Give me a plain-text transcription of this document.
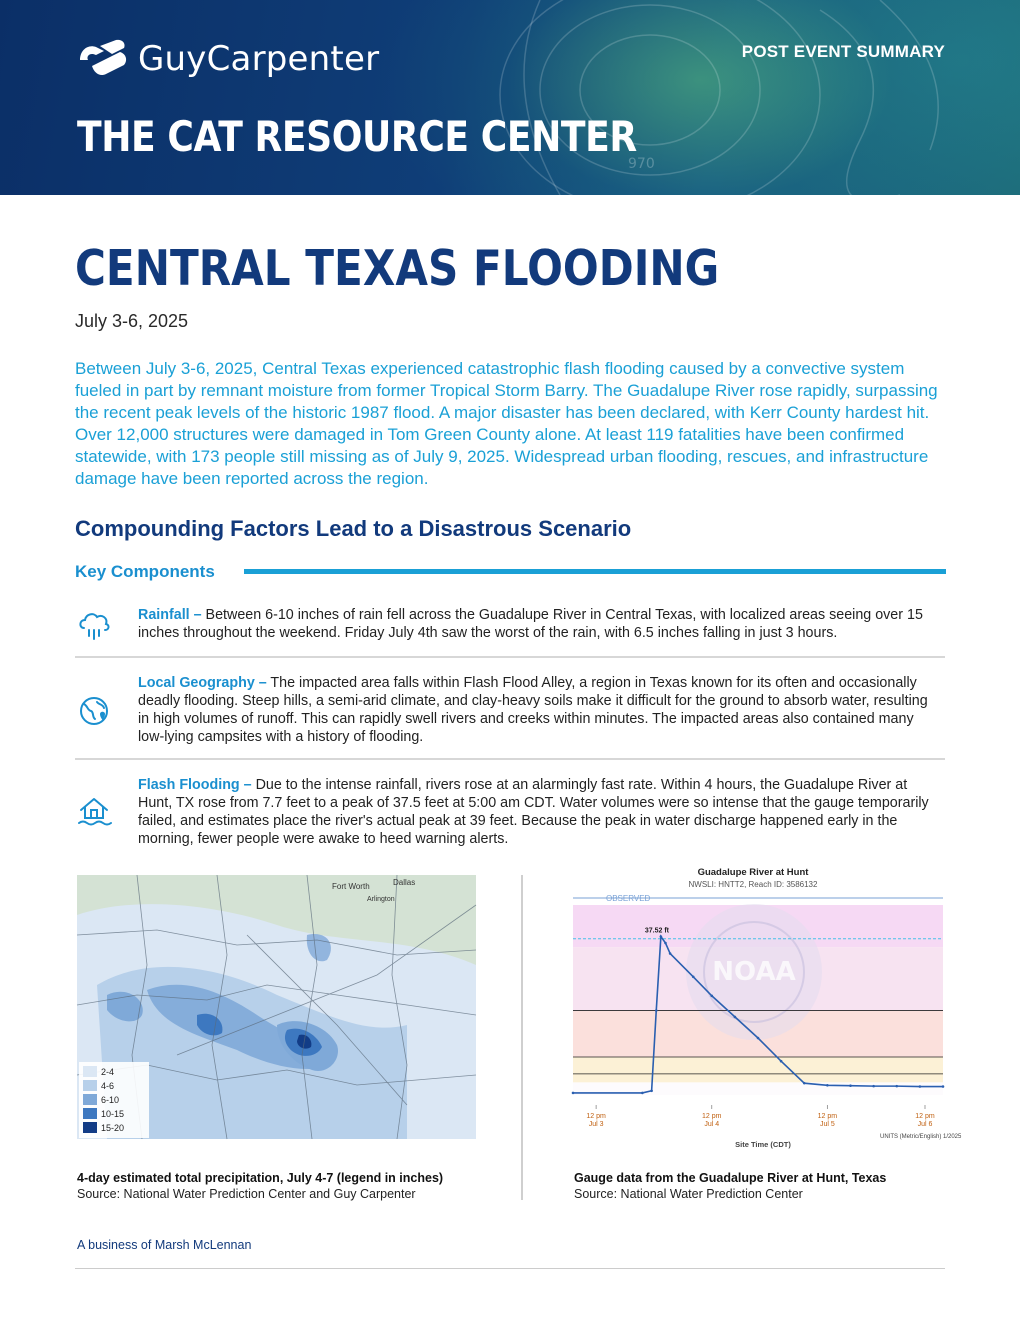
970
GuyCarpenter
THE CAT RESOURCE CENTER
POST EVENT SUMMARY
CENTRAL TEXAS FLOODING
July 3-6, 2025
Between July 3-6, 2025, Central Texas experienced catastrophic flash flooding caused by a convective system fueled in part by remnant moisture from former Tropical Storm Barry. The Guadalupe River rose rapidly, surpassing the recent peak levels of the historic 1987 flood. A major disaster has been declared, with Kerr County hardest hit. Over 12,000 structures were damaged in Tom Green County alone. At least 119 fatalities have been confirmed statewide, with 173 people still missing as of July 9, 2025. Widespread urban flooding, rescues, and infrastructure damage have been reported across the region.
Compounding Factors Lead to a Disastrous Scenario
Key Components
Rainfall – Between 6-10 inches of rain fell across the Guadalupe River in Central Texas, with localized areas seeing over 15 inches throughout the weekend. Friday July 4th saw the worst of the rain, with 6.5 inches falling in just 3 hours.
Local Geography – The impacted area falls within Flash Flood Alley, a region in Texas known for its often and occasionally deadly flooding. Steep hills, a semi-arid climate, and clay-heavy soils make it difficult for the ground to absorb water, resulting in high volumes of runoff. This can rapidly swell rivers and creeks within minutes. The impacted areas also contained many low-lying campsites with a history of flooding.
Flash Flooding – Due to the intense rainfall, rivers rose at an alarmingly fast rate. Within 4 hours, the Guadalupe River at Hunt, TX rose from 7.7 feet to a peak of 37.5 feet at 5:00 am CDT. Water volumes were so intense that the gauge temporarily failed, and estimates place the river's actual peak at 39 feet. Because the peak in water discharge happened early in the morning, fewer people were awake to heed warning alerts.
Fort Worth	Dallas
Arlington
2-4
4-6
6-10
10-15
15-20
4-day estimated total precipitation, July 4-7 (legend in inches)
Source: National Water Prediction Center and Guy Carpenter
Guadalupe River at Hunt
NWSLI: HNTT2, Reach ID: 3586132
NOAA
OBSERVED
37.52 ft
12 pm
Jul 3
12 pm
Jul 4
12 pm
Jul 5
12 pm
Jul 6
Site Time (CDT)
UNITS (Metric/English) 1/2025
Gauge data from the Guadalupe River at Hunt, Texas
Source: National Water Prediction Center
A business of Marsh McLennan
